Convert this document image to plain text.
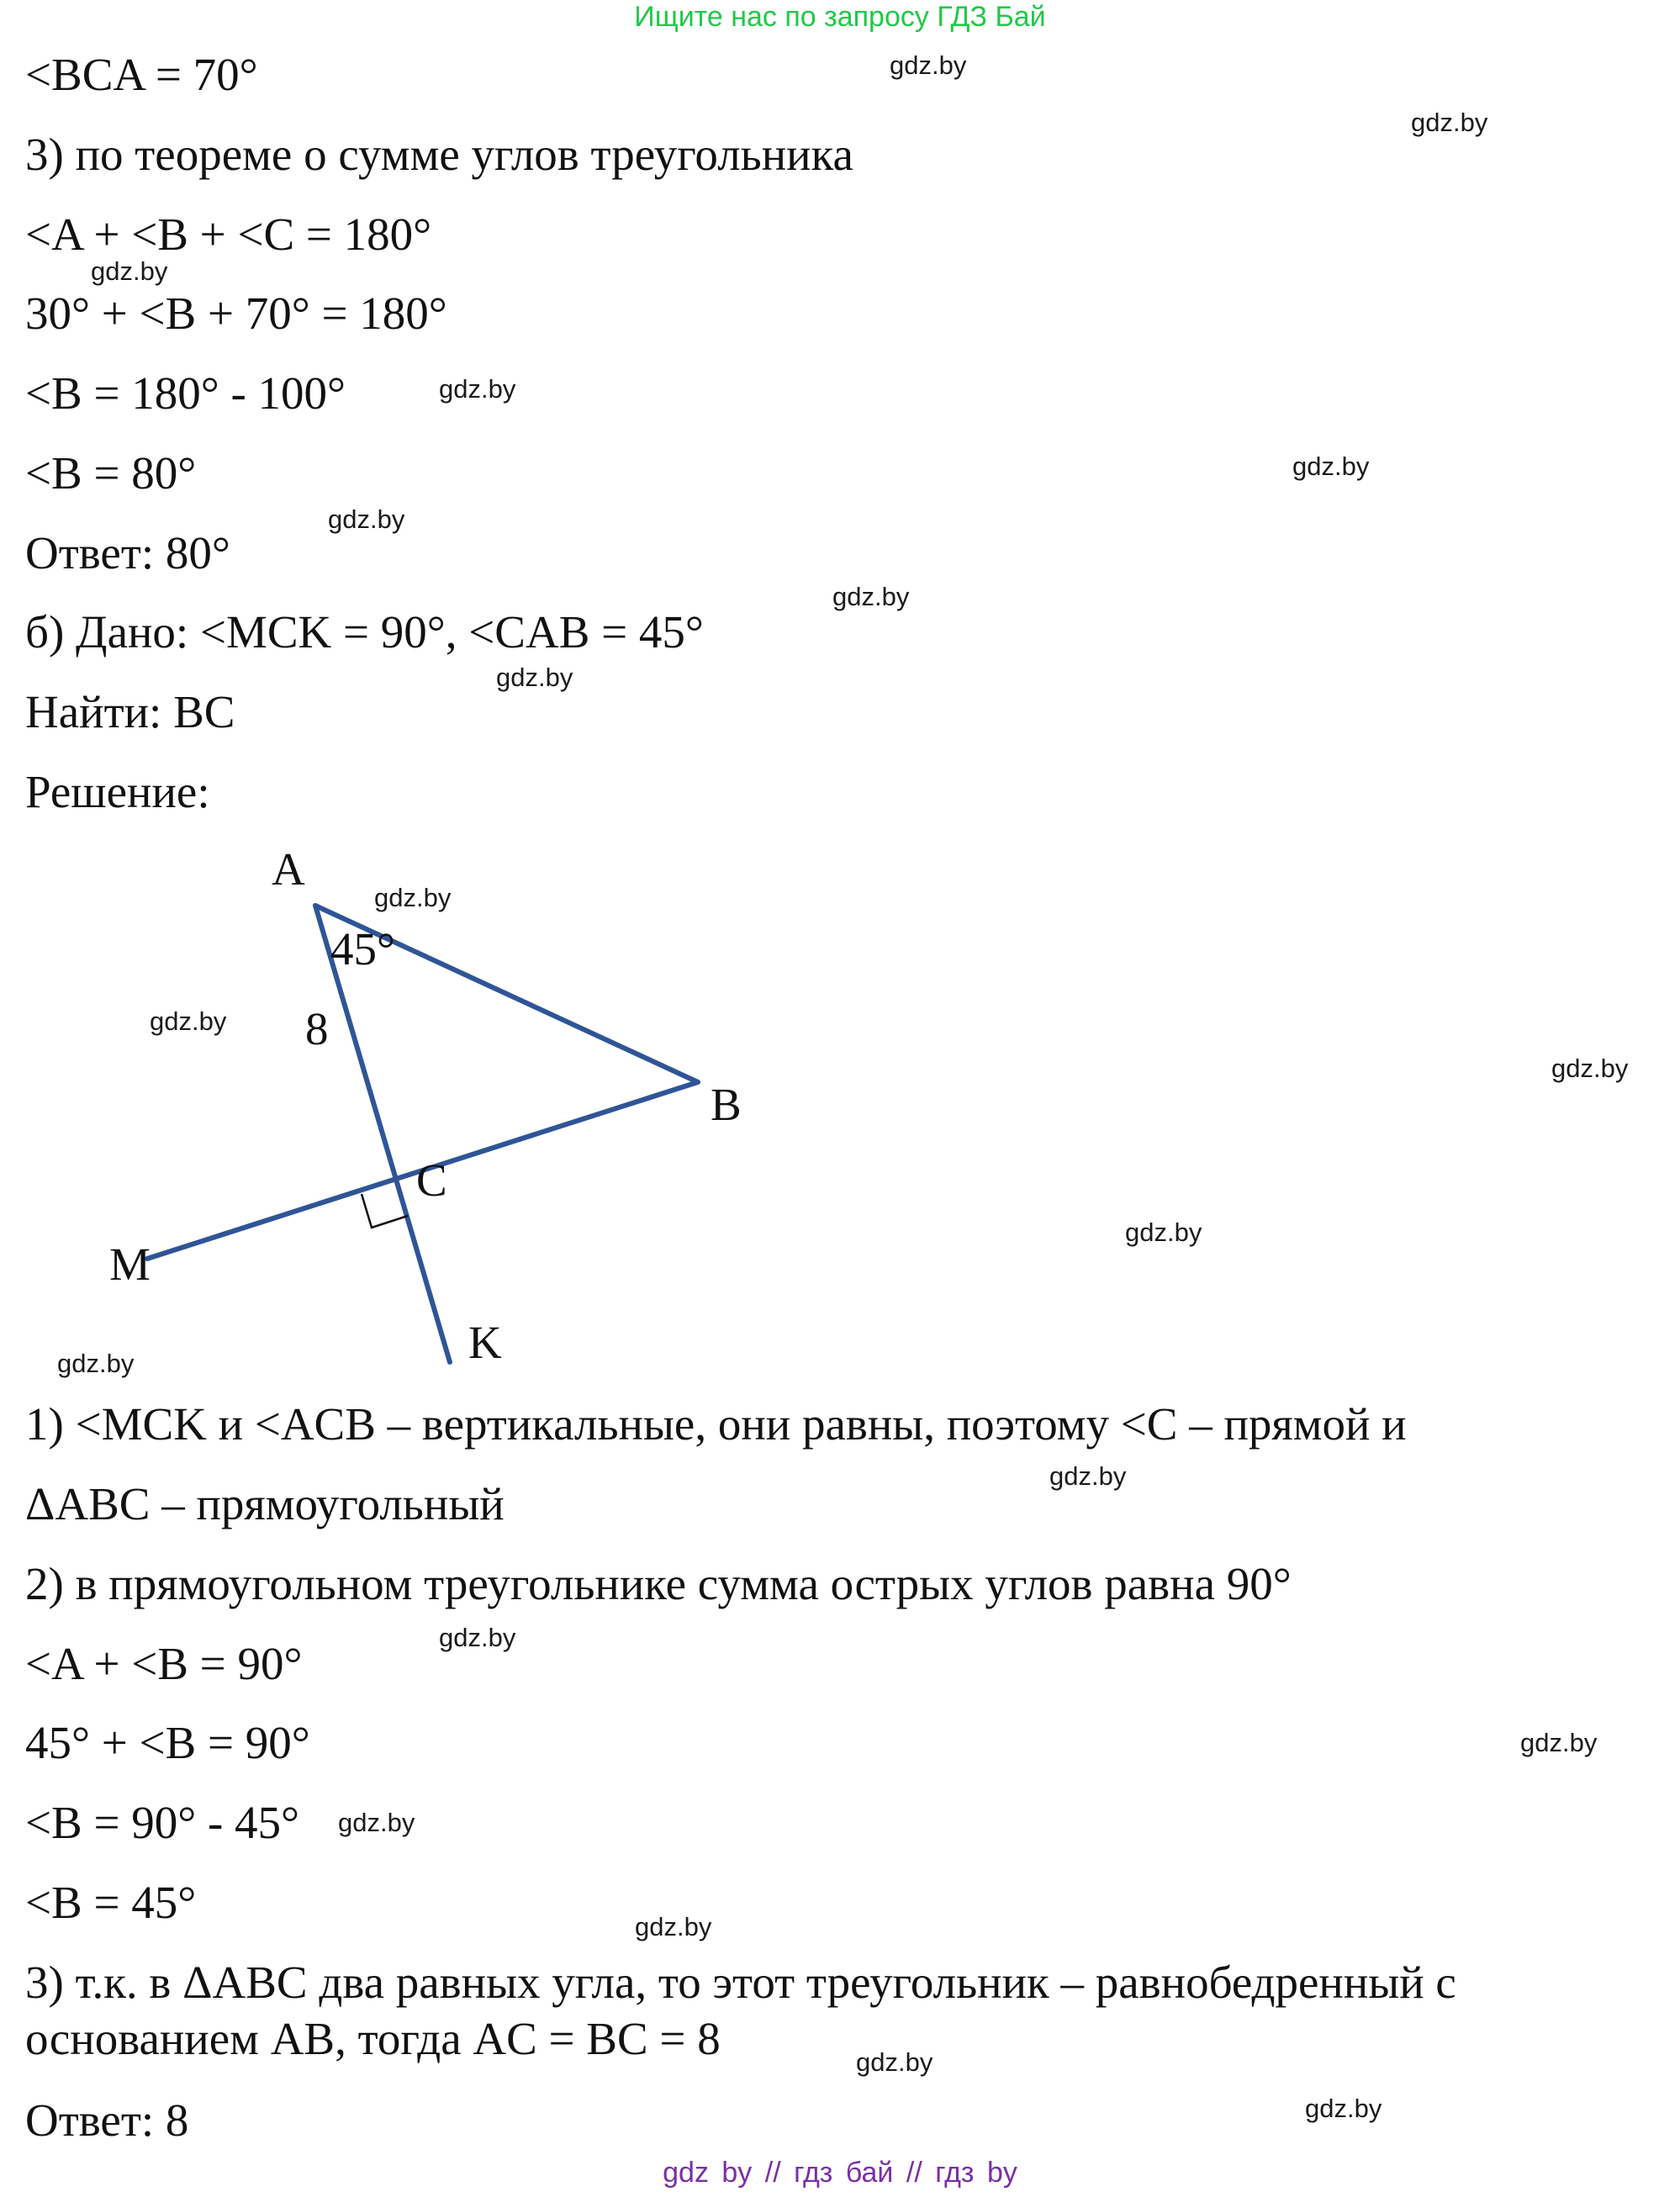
Ищите нас по запросу ГДЗ Бай
<BCA = 70°
3) по теореме о сумме углов треугольника
<A + <B + <C = 180°
30° + <B + 70° = 180°
<B = 180° - 100°
<B = 80°
Ответ: 80°
б) Дано: <MCK = 90°, <CAB = 45°
Найти: BC
Решение:
A
B
C
M
K
45°
8
1) <MCK и <ACB – вертикальные, они равны, поэтому <C – прямой и
ΔABC – прямоугольный
2) в прямоугольном треугольнике сумма острых углов равна 90°
<A + <B = 90°
45° + <B = 90°
<B = 90° - 45°
<B = 45°
3) т.к. в ΔABC два равных угла, то этот треугольник – равнобедренный с
основанием AB, тогда AC = BC = 8
Ответ: 8
gdz.by
gdz.by
gdz.by
gdz.by
gdz.by
gdz.by
gdz.by
gdz.by
gdz.by
gdz.by
gdz.by
gdz.by
gdz.by
gdz.by
gdz.by
gdz.by
gdz.by
gdz.by
gdz.by
gdz.by
gdz by // гдз бай // гдз by
